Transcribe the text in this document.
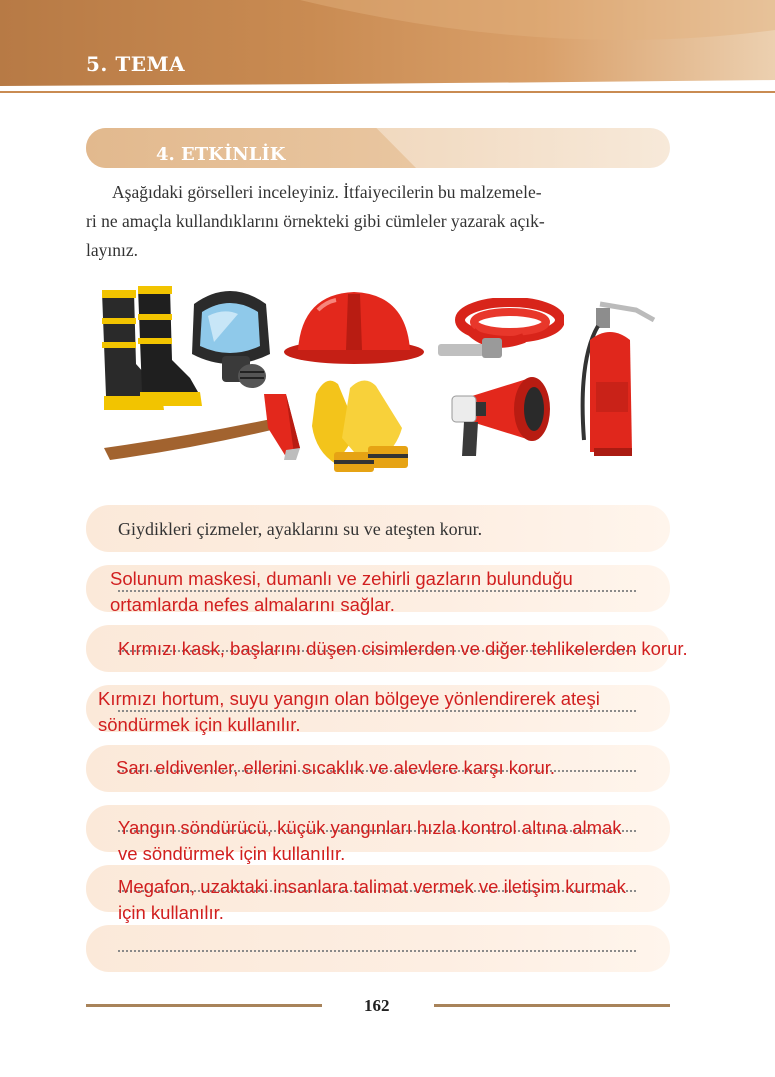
5. TEMA
4. ETKİNLİK
Aşağıdaki görselleri inceleyiniz. İtfaiyecilerin bu malzemele-
ri ne amaçla kullandıklarını örnekteki gibi cümleler yazarak açık-
layınız.
Giydikleri çizmeler, ayaklarını su ve ateşten korur.
Solunum maskesi, dumanlı ve zehirli gazların bulunduğu
ortamlarda nefes almalarını sağlar.
Kırmızı kask, başlarını düşen cisimlerden ve diğer tehlikelerden korur.
Kırmızı hortum, suyu yangın olan bölgeye yönlendirerek ateşi
söndürmek için kullanılır.
Sarı eldivenler, ellerini sıcaklık ve alevlere karşı korur.
Yangın söndürücü, küçük yangınları hızla kontrol altına almak
ve söndürmek için kullanılır.
Megafon, uzaktaki insanlara talimat vermek ve iletişim kurmak
için kullanılır.
162
